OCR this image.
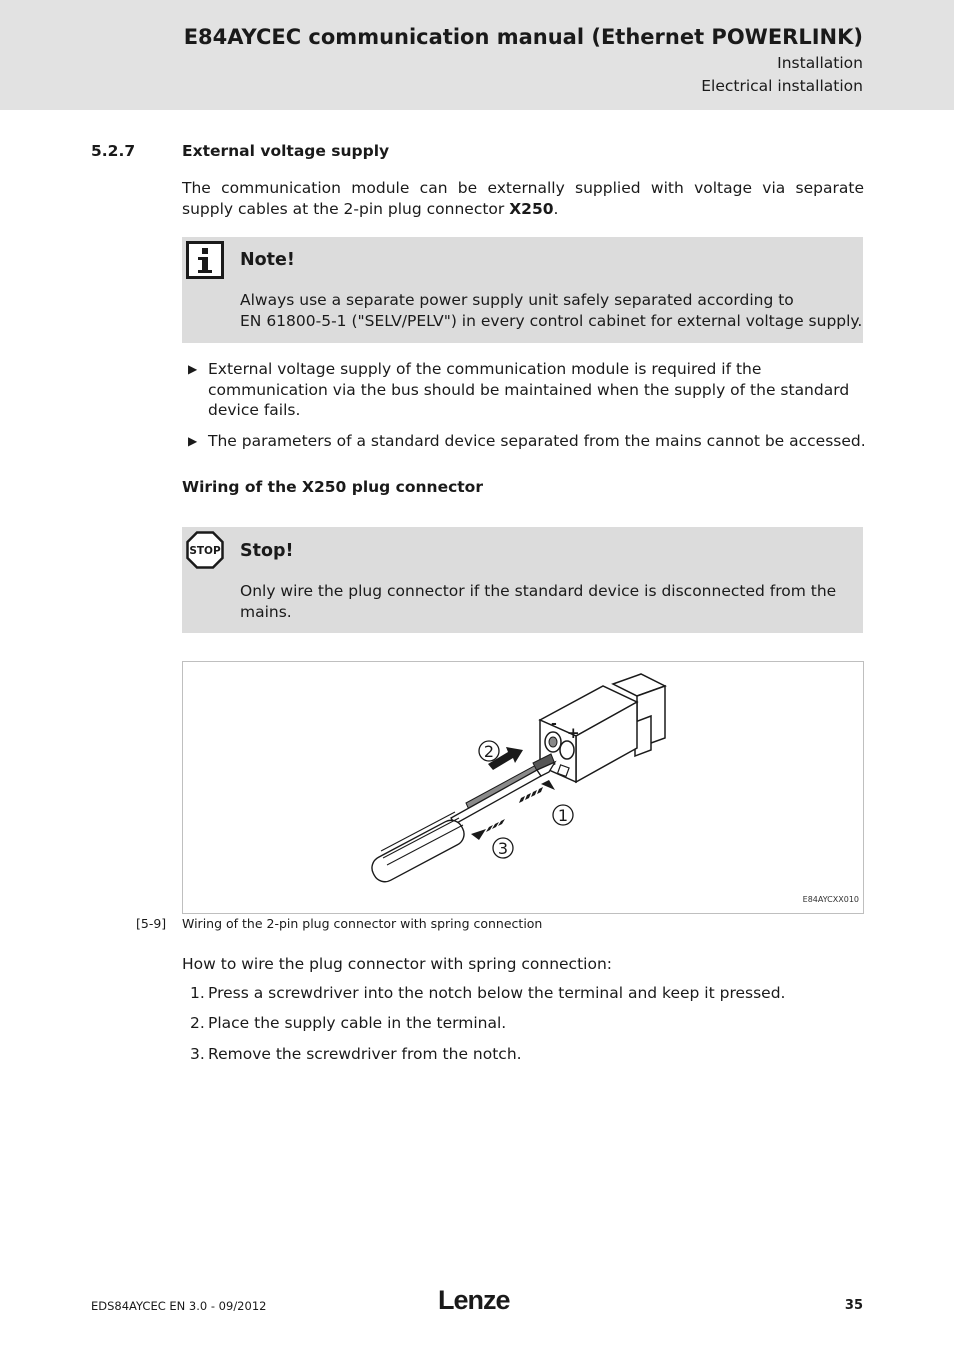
E84AYCEC communication manual (Ethernet POWERLINK)
Installation
Electrical installation
5.2.7	External voltage supply
The communication module can be externally supplied with voltage via separate supply cables at the 2-pin plug connector X250.
Note!
Always use a separate power supply unit safely separated according to
EN 61800-5-1 ("SELV/PELV") in every control cabinet for external voltage supply.
▶ External voltage supply of the communication module is required if the communication via the bus should be maintained when the supply of the standard device fails.
▶ The parameters of a standard device separated from the mains cannot be accessed.
Wiring of the X250 plug connector
STOP Stop!
Only wire the plug connector if the standard device is disconnected from the mains.
- +
2
1
3
E84AYCXX010
[5-9] Wiring of the 2-pin plug connector with spring connection
How to wire the plug connector with spring connection:
1. Press a screwdriver into the notch below the terminal and keep it pressed.
2. Place the supply cable in the terminal.
3. Remove the screwdriver from the notch.
EDS84AYCEC EN 3.0 - 09/2012	Lenze	35
